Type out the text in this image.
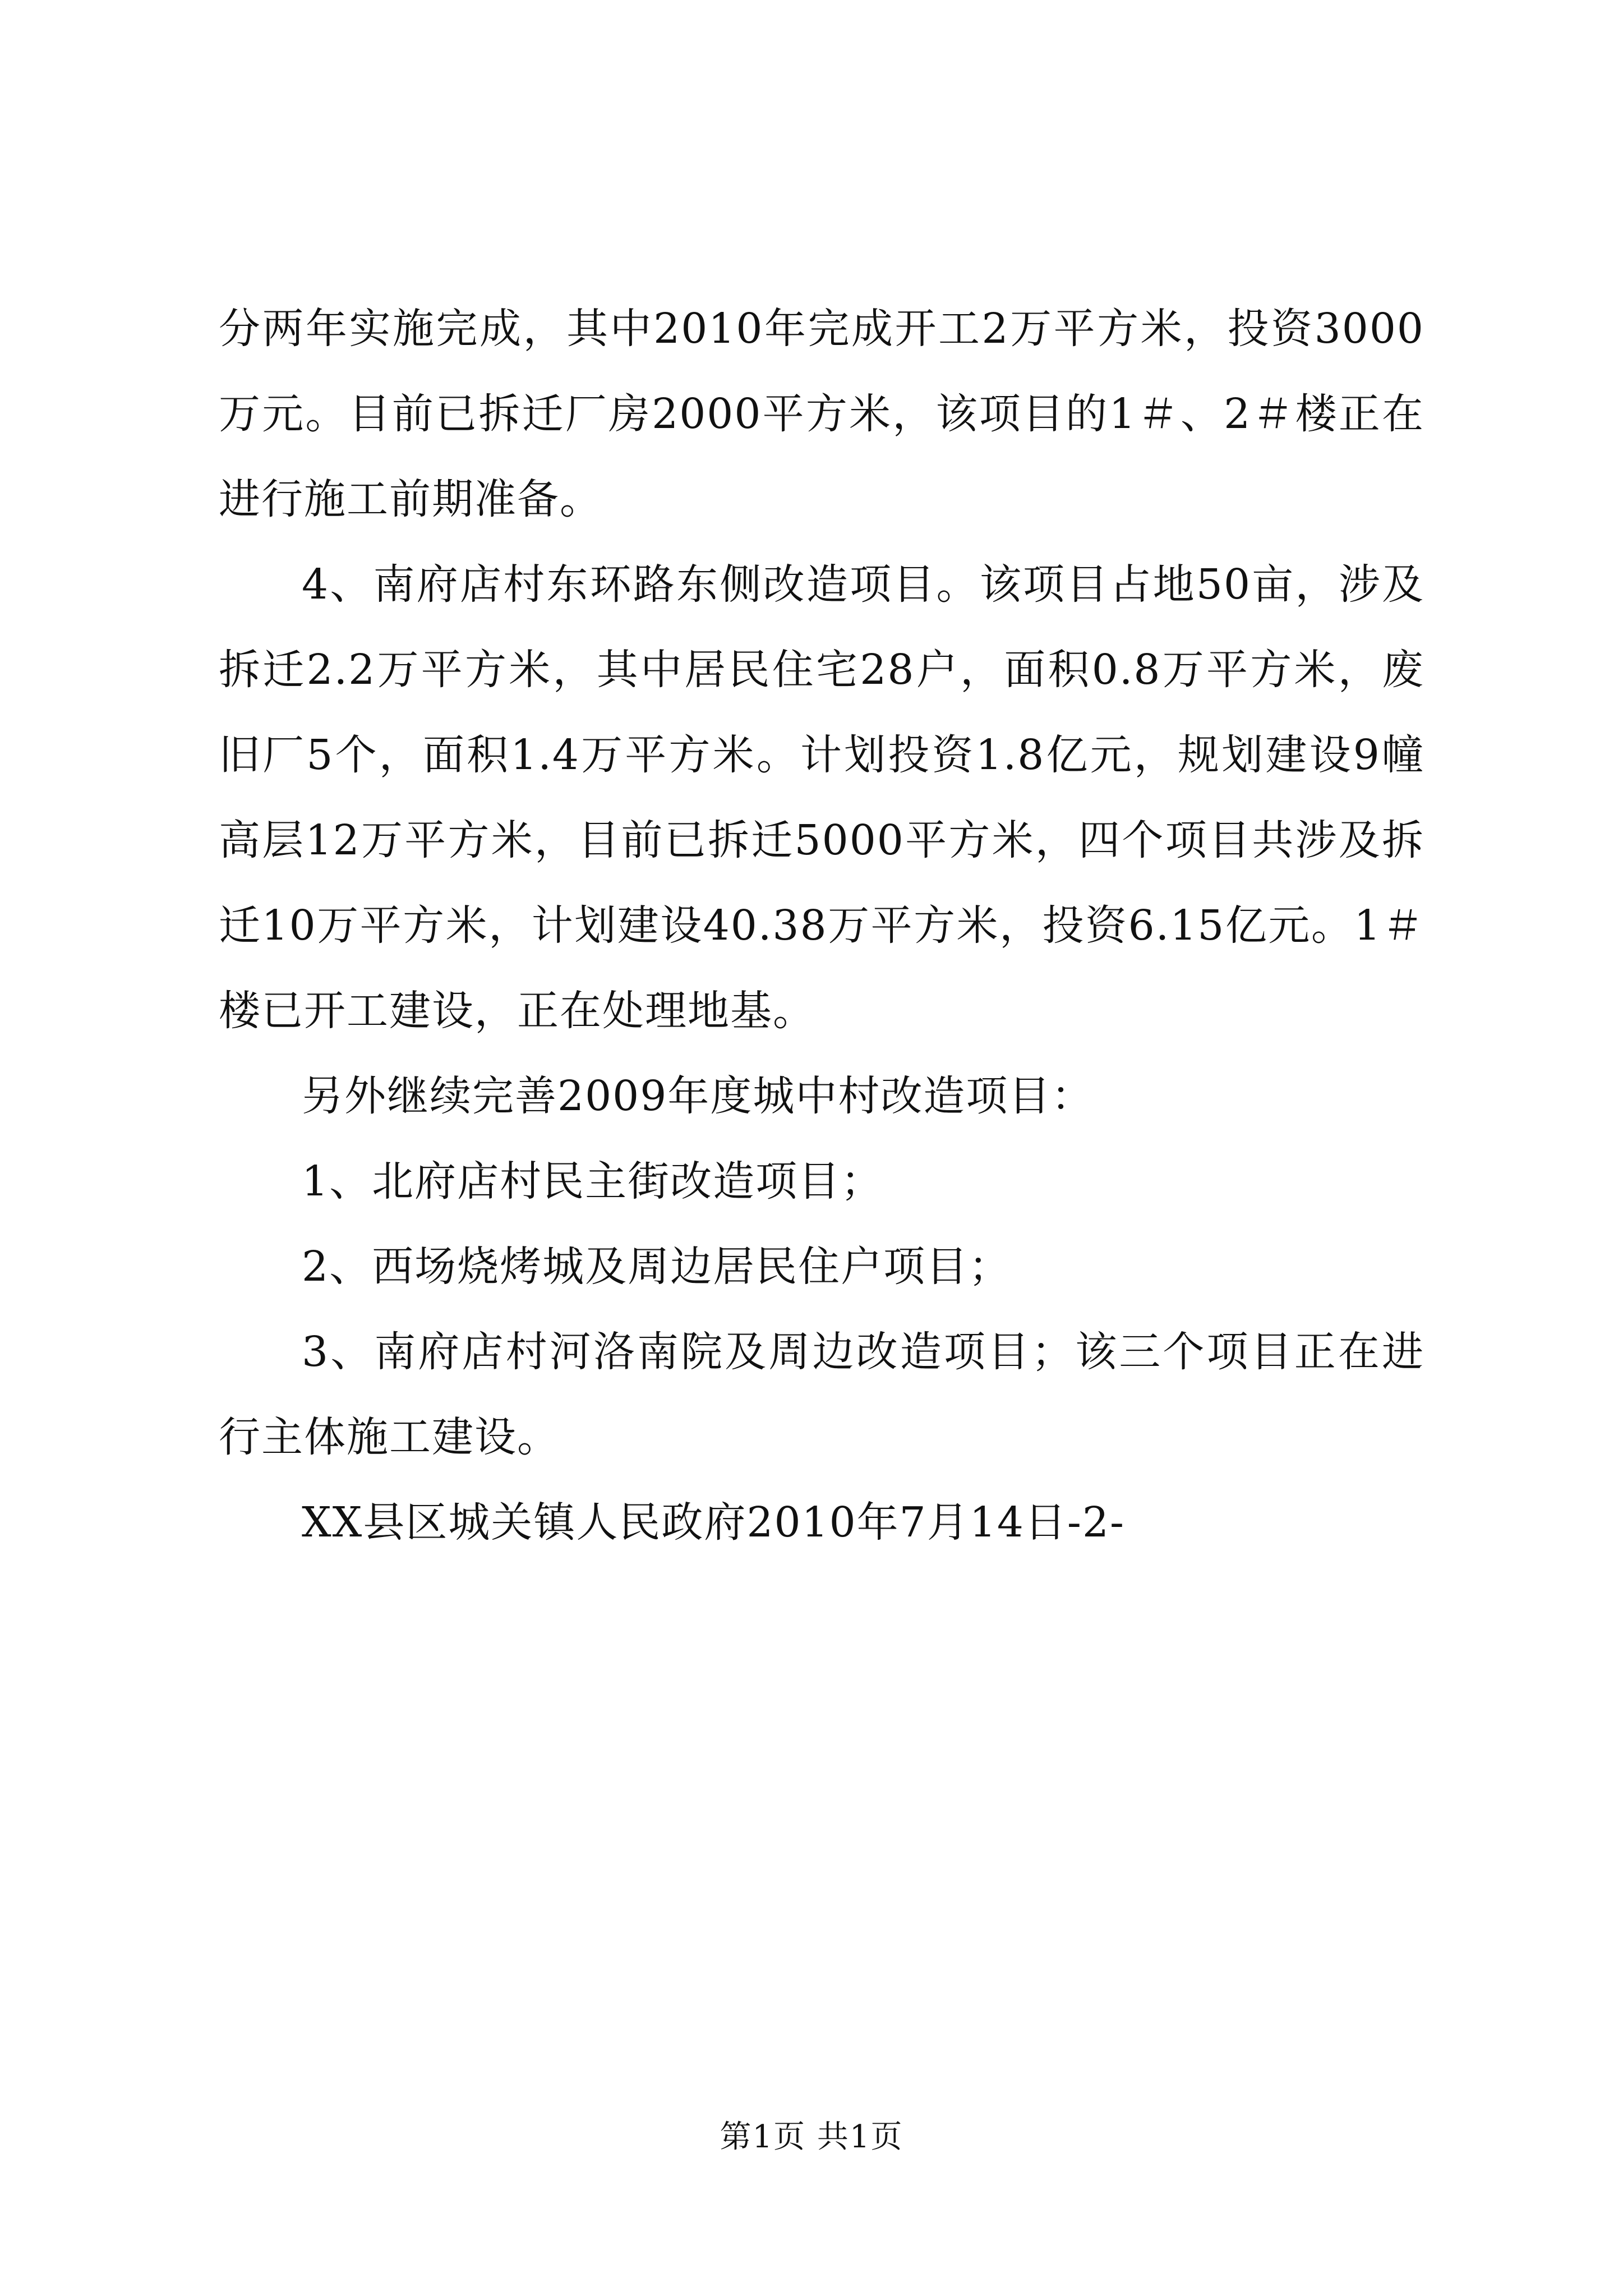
分两年实施完成，其中2010年完成开工2万平方米，投资3000万元。目前已拆迁厂房2000平方米，该项目的1＃、2＃楼正在进行施工前期准备。

4、南府店村东环路东侧改造项目。该项目占地50亩，涉及拆迁2.2万平方米，其中居民住宅28户，面积0.8万平方米，废旧厂5个，面积1.4万平方米。计划投资1.8亿元，规划建设9幢高层12万平方米，目前已拆迁5000平方米，四个项目共涉及拆迁10万平方米，计划建设40.38万平方米，投资6.15亿元。1＃楼已开工建设，正在处理地基。

另外继续完善2009年度城中村改造项目：

1、北府店村民主街改造项目；

2、西场烧烤城及周边居民住户项目；

3、南府店村河洛南院及周边改造项目；该三个项目正在进行主体施工建设。

XX县区城关镇人民政府2010年7月14日-2-

第1页 共1页
